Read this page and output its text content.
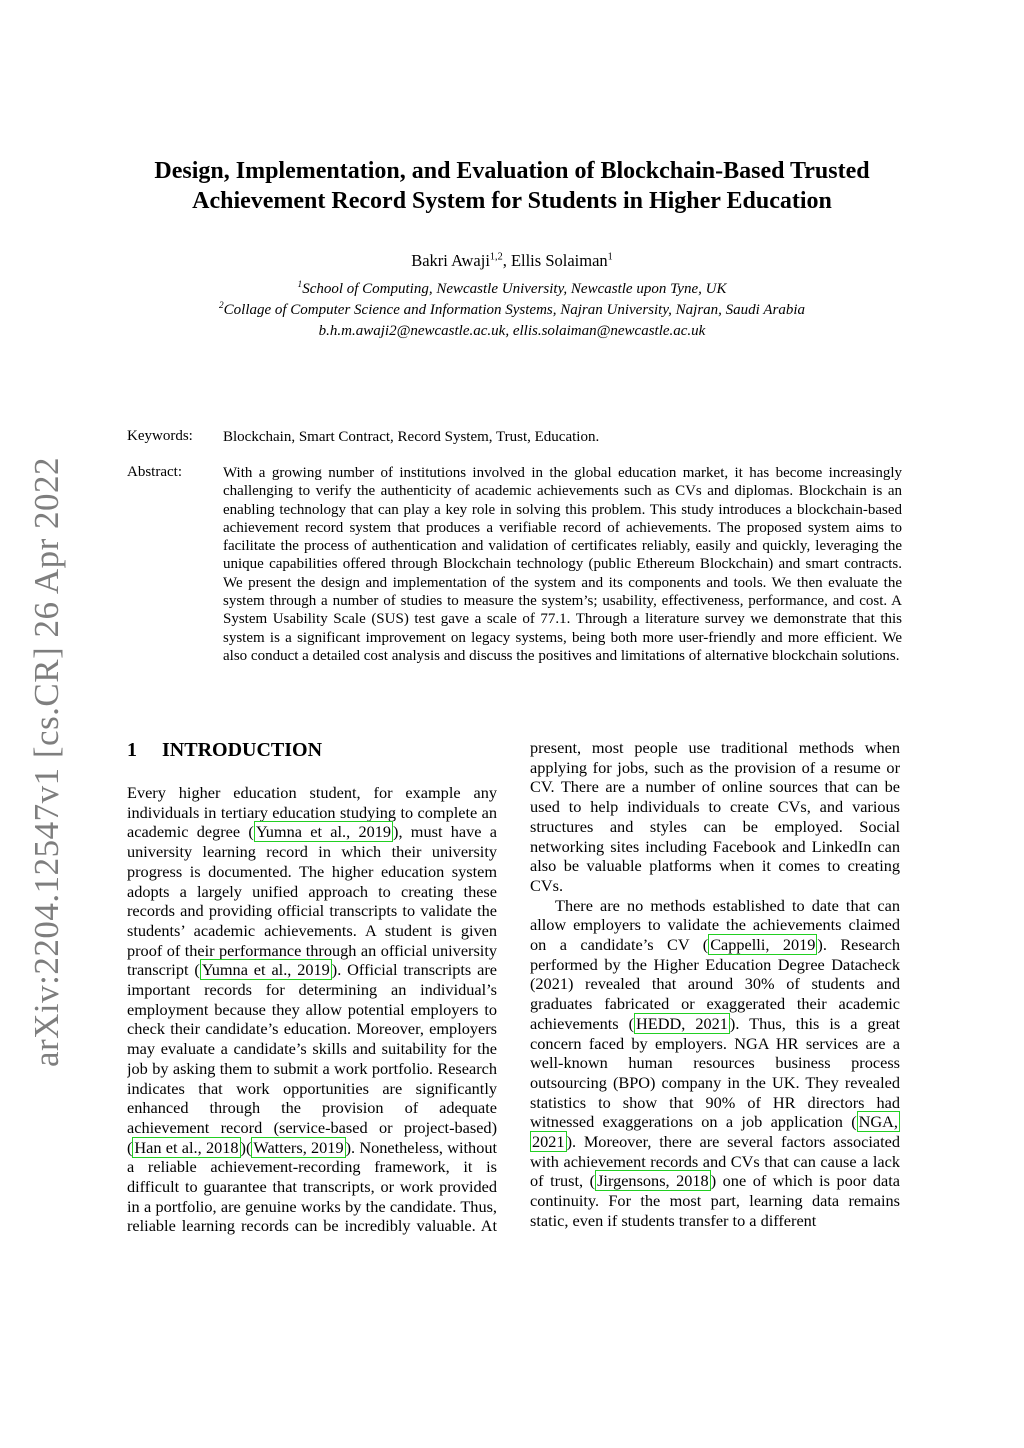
arXiv:2204.12547v1 [cs.CR] 26 Apr 2022
Design, Implementation, and Evaluation of Blockchain-Based Trusted
Achievement Record System for Students in Higher Education
Bakri Awaji$^{1,2}$, Ellis Solaiman$^1$
$^1$School of Computing, Newcastle University, Newcastle upon Tyne, UK
$^2$Collage of Computer Science and Information Systems, Najran University, Najran, Saudi Arabia
b.h.m.awaji2@newcastle.ac.uk, ellis.solaiman@newcastle.ac.uk
Keywords: Blockchain, Smart Contract, Record System, Trust, Education.
Abstract:	With a growing number of institutions involved in the global education market, it has become increasingly challenging to verify the authenticity of academic achievements such as CVs and diplomas. Blockchain is an enabling technology that can play a key role in solving this problem. This study introduces a blockchain-based achievement record system that produces a verifiable record of achievements. The proposed system aims to facilitate the process of authentication and validation of certificates reliably, easily and quickly, leveraging the unique capabilities offered through Blockchain technology (public Ethereum Blockchain) and smart contracts. We present the design and implementation of the system and its components and tools. We then evaluate the system through a number of studies to measure the system’s; usability, effectiveness, performance, and cost. A System Usability Scale (SUS) test gave a scale of 77.1. Through a literature survey we demonstrate that this system is a significant improvement on legacy systems, being both more user-friendly and more efficient. We also conduct a detailed cost analysis and discuss the positives and limitations of alternative blockchain solutions.
1 INTRODUCTION

Every higher education student, for example any individuals in tertiary education studying to complete an academic degree ( Yumna et al., 2019 ), must have a university learning record in which their university progress is documented. The higher education system adopts a largely unified approach to creating these records and providing official transcripts to validate the students’ academic achievements. A student is given proof of their performance through an official university transcript ( Yumna et al., 2019 ). Official transcripts are important records for determining an individual’s employment because they allow potential employers to check their candidate’s education. Moreover, employers may evaluate a candidate’s skills and suitability for the job by asking them to submit a work portfolio. Research indicates that work opportunities are significantly enhanced through the provision of adequate achievement record (service-based or project-based) ( Han et al., 2018 )( Watters, 2019 ). Nonetheless, without a reliable achievement-recording framework, it is difficult to guarantee that transcripts, or work provided in a portfolio, are genuine works by the candidate. Thus, reliable learning records can be incredibly valuable. At present, most people use traditional methods when applying for jobs, such as the provision of a resume or CV. There are a number of online sources that can be used to help individuals to create CVs, and various structures and styles can be employed. Social networking sites including Facebook and LinkedIn can also be valuable platforms when it comes to creating CVs.

There are no methods established to date that can allow employers to validate the achievements claimed on a candidate’s CV ( Cappelli, 2019 ). Research performed by the Higher Education Degree Datacheck (2021) revealed that around 30% of students and graduates fabricated or exaggerated their academic achievements ( HEDD, 2021 ). Thus, this is a great concern faced by employers. NGA HR services are a well-known human resources business process outsourcing (BPO) company in the UK. They revealed statistics to show that 90% of HR directors had witnessed exaggerations on a job application ( NGA, 2021 ). Moreover, there are several factors associated with achievement records and CVs that can cause a lack of trust, ( Jirgensons, 2018 ) one of which is poor data continuity. For the most part, learning data remains static, even if students transfer to a different
